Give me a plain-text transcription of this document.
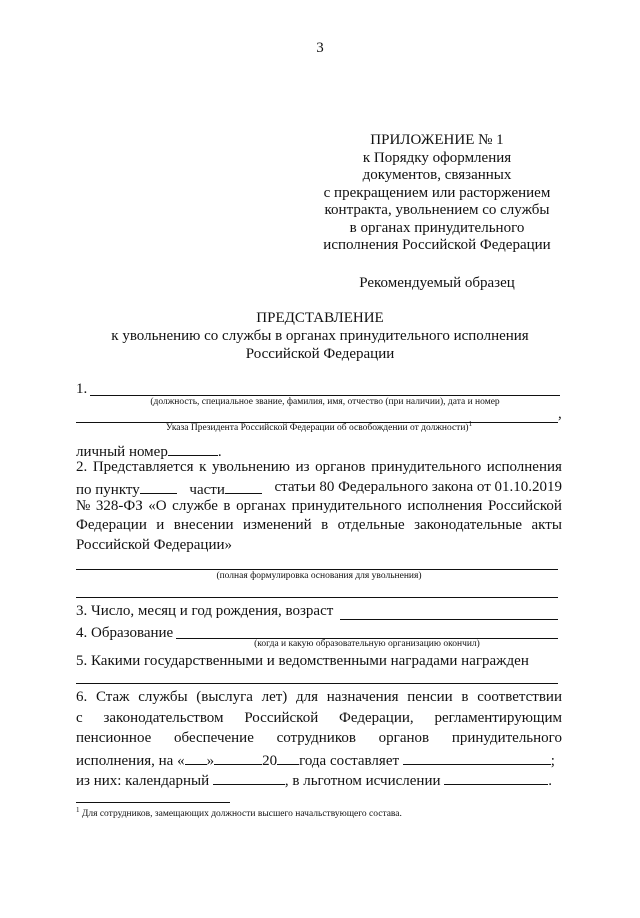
3
ПРИЛОЖЕНИЕ № 1
к Порядку оформления
документов, связанных
с прекращением или расторжением
контракта, увольнением со службы
в органах принудительного
исполнения Российской Федерации
Рекомендуемый образец
ПРЕДСТАВЛЕНИЕ
к увольнению со службы в органах принудительного исполнения
Российской Федерации
1.
(должность, специальное звание, фамилия, имя, отчество (при наличии), дата и номер
,
Указа Президента Российской Федерации об освобождении от должности)$^1$
личный номер	.
2. Представляется к увольнению из органов принудительного исполнения
по пункту	части	статьи 80 Федерального закона от 01.10.2019
№ 328-ФЗ «О службе в органах принудительного исполнения Российской
Федерации и внесении изменений в отдельные законодательные акты
Российской Федерации»
(полная формулировка основания для увольнения)
3. Число, месяц и год рождения, возраст
4. Образование
(когда и какую образовательную организацию окончил)
5. Какими государственными и ведомственными наградами награжден
6. Стаж службы (выслуга лет) для назначения пенсии в соответствии
с законодательством Российской Федерации, регламентирующим
пенсионное обеспечение сотрудников органов принудительного
исполнения, на « »	20 года составляет	;
из них: календарный	, в льготном исчислении	.
$^1$ Для сотрудников, замещающих должности высшего начальствующего состава.
